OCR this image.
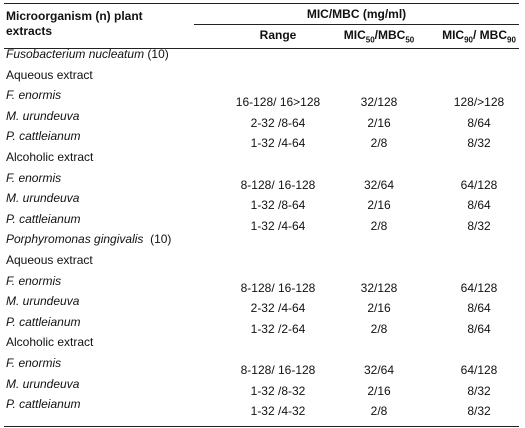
Microorganism (n) plant extracts
MIC/MBC (mg/ml)
Range	$MIC_{50}/MBC_{50}$	$MIC_{90}/$ $MBC_{90}$
Fusobacterium nucleatum (10)
Aqueous extract
F. enormis	16-128/ 16>128	32/128	128/>128
M. urundeuva	2-32 /8-64	2/16	8/64
P. cattleianum	1-32 /4-64	2/8	8/32
Alcoholic extract
F. enormis	8-128/ 16-128	32/64	64/128
M. urundeuva	1-32 /8-64	2/16	8/64
P. cattleianum	1-32 /4-64	2/8	8/32
Porphyromonas gingivalis  (10)
Aqueous extract
F. enormis	8-128/ 16-128	32/128	64/128
M. urundeuva	2-32 /4-64	2/16	8/64
P. cattleianum	1-32 /2-64	2/8	8/64
Alcoholic extract
F. enormis	8-128/ 16-128	32/64	64/128
M. urundeuva	1-32 /8-32	2/16	8/32
P. cattleianum	1-32 /4-32	2/8	8/32
